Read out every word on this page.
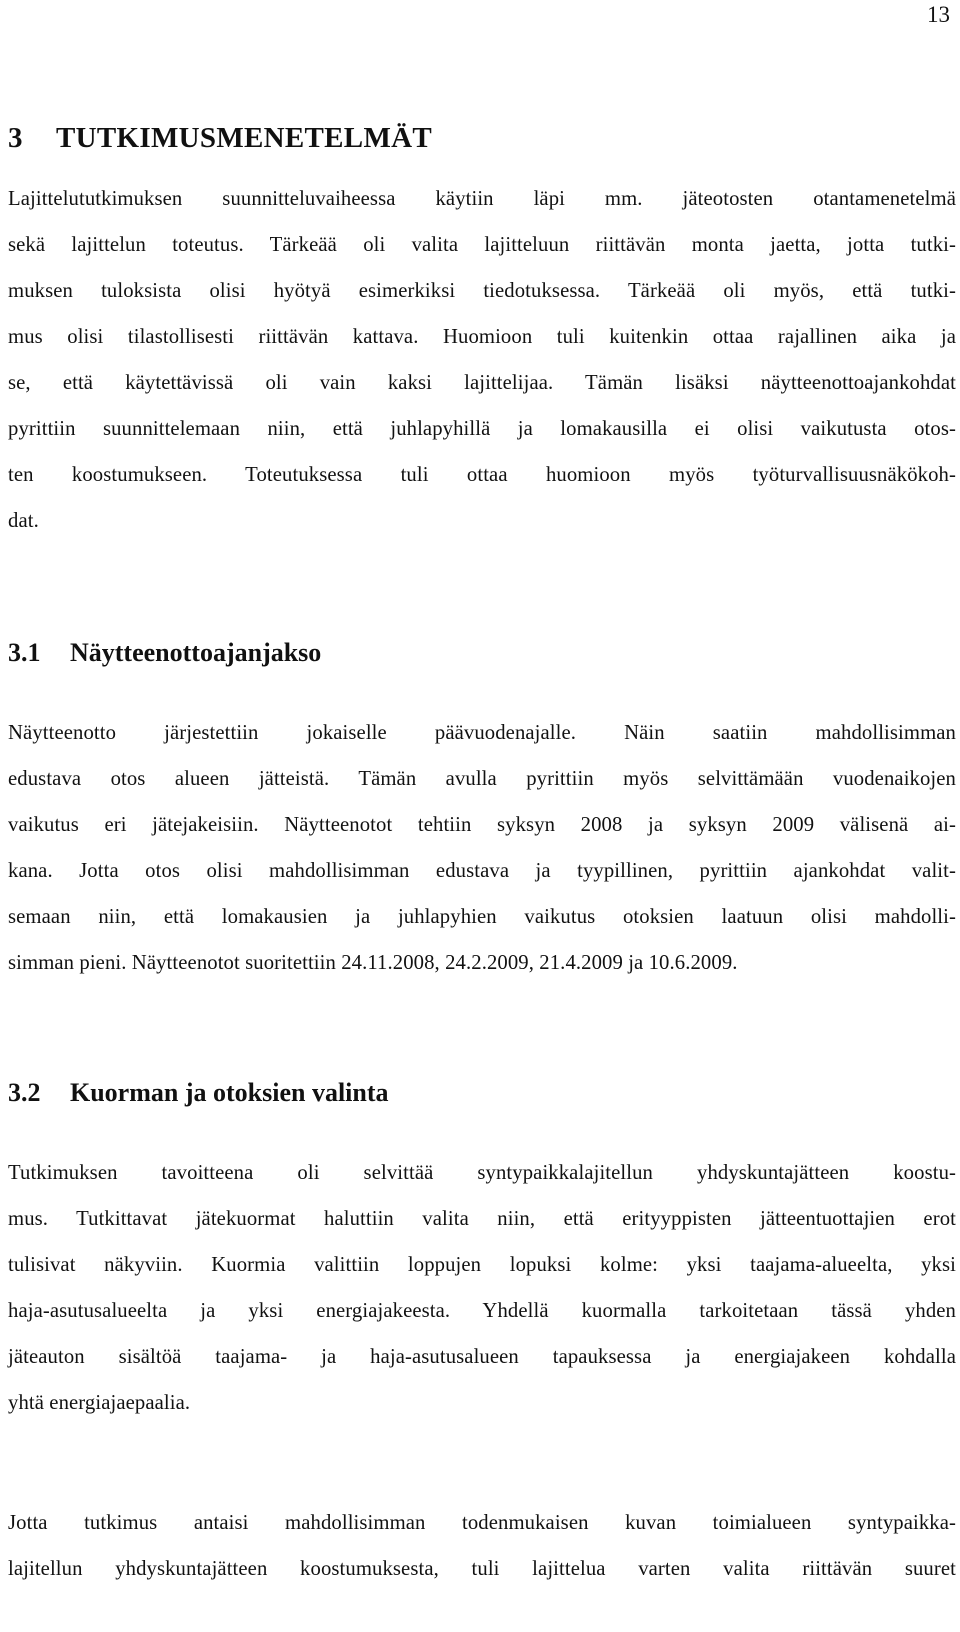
13
3 TUTKIMUSMENETELMÄT

Lajittelututkimuksen suunnitteluvaiheessa käytiin läpi mm. jäteotosten otantamenetelmä
sekä lajittelun toteutus. Tärkeää oli valita lajitteluun riittävän monta jaetta, jotta tutki-
muksen tuloksista olisi hyötyä esimerkiksi tiedotuksessa. Tärkeää oli myös, että tutki-
mus olisi tilastollisesti riittävän kattava. Huomioon tuli kuitenkin ottaa rajallinen aika ja
se, että käytettävissä oli vain kaksi lajittelijaa. Tämän lisäksi näytteenottoajankohdat
pyrittiin suunnittelemaan niin, että juhlapyhillä ja lomakausilla ei olisi vaikutusta otos-
ten koostumukseen. Toteutuksessa tuli ottaa huomioon myös työturvallisuusnäkökoh-
dat.

3.1 Näytteenottoajanjakso

Näytteenotto järjestettiin jokaiselle päävuodenajalle. Näin saatiin mahdollisimman
edustava otos alueen jätteistä. Tämän avulla pyrittiin myös selvittämään vuodenaikojen
vaikutus eri jätejakeisiin. Näytteenotot tehtiin syksyn 2008 ja syksyn 2009 välisenä ai-
kana. Jotta otos olisi mahdollisimman edustava ja tyypillinen, pyrittiin ajankohdat valit-
semaan niin, että lomakausien ja juhlapyhien vaikutus otoksien laatuun olisi mahdolli-
simman pieni. Näytteenotot suoritettiin 24.11.2008, 24.2.2009, 21.4.2009 ja 10.6.2009.

3.2 Kuorman ja otoksien valinta

Tutkimuksen tavoitteena oli selvittää syntypaikkalajitellun yhdyskuntajätteen koostu-
mus. Tutkittavat jätekuormat haluttiin valita niin, että erityyppisten jätteentuottajien erot
tulisivat näkyviin. Kuormia valittiin loppujen lopuksi kolme: yksi taajama-alueelta, yksi
haja-asutusalueelta ja yksi energiajakeesta. Yhdellä kuormalla tarkoitetaan tässä yhden
jäteauton sisältöä taajama- ja haja-asutusalueen tapauksessa ja energiajakeen kohdalla
yhtä energiajaepaalia.

Jotta tutkimus antaisi mahdollisimman todenmukaisen kuvan toimialueen syntypaikka-
lajitellun yhdyskuntajätteen koostumuksesta, tuli lajittelua varten valita riittävän suuret
